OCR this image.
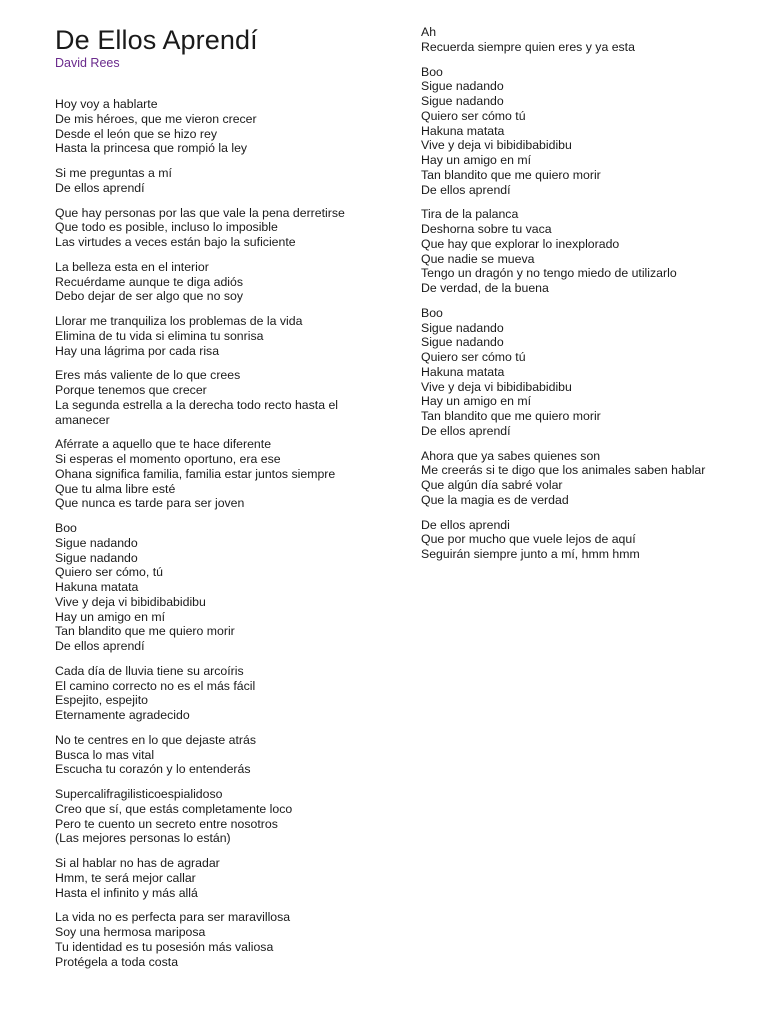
De Ellos Aprendí
David Rees
Hoy voy a hablarte
De mis héroes, que me vieron crecer
Desde el león que se hizo rey
Hasta la princesa que rompió la ley
Si me preguntas a mí
De ellos aprendí
Que hay personas por las que vale la pena derretirse
Que todo es posible, incluso lo imposible
Las virtudes a veces están bajo la suficiente
La belleza esta en el interior
Recuérdame aunque te diga adiós
Debo dejar de ser algo que no soy
Llorar me tranquiliza los problemas de la vida
Elimina de tu vida si elimina tu sonrisa
Hay una lágrima por cada risa
Eres más valiente de lo que crees
Porque tenemos que crecer
La segunda estrella a la derecha todo recto hasta el amanecer
Aférrate a aquello que te hace diferente
Si esperas el momento oportuno, era ese
Ohana significa familia, familia estar juntos siempre
Que tu alma libre esté
Que nunca es tarde para ser joven
Boo
Sigue nadando
Sigue nadando
Quiero ser cómo, tú
Hakuna matata
Vive y deja vi bibidibabidibu
Hay un amigo en mí
Tan blandito que me quiero morir
De ellos aprendí
Cada día de lluvia tiene su arcoíris
El camino correcto no es el más fácil
Espejito, espejito
Eternamente agradecido
No te centres en lo que dejaste atrás
Busca lo mas vital
Escucha tu corazón y lo entenderás
Supercalifragilisticoespialidoso
Creo que sí, que estás completamente loco
Pero te cuento un secreto entre nosotros
(Las mejores personas lo están)
Si al hablar no has de agradar
Hmm, te será mejor callar
Hasta el infinito y más allá
La vida no es perfecta para ser maravillosa
Soy una hermosa mariposa
Tu identidad es tu posesión más valiosa
Protégela a toda costa
Ah
Recuerda siempre quien eres y ya esta
Boo
Sigue nadando
Sigue nadando
Quiero ser cómo tú
Hakuna matata
Vive y deja vi bibidibabidibu
Hay un amigo en mí
Tan blandito que me quiero morir
De ellos aprendí
Tira de la palanca
Deshorna sobre tu vaca
Que hay que explorar lo inexplorado
Que nadie se mueva
Tengo un dragón y no tengo miedo de utilizarlo
De verdad, de la buena
Boo
Sigue nadando
Sigue nadando
Quiero ser cómo tú
Hakuna matata
Vive y deja vi bibidibabidibu
Hay un amigo en mí
Tan blandito que me quiero morir
De ellos aprendí
Ahora que ya sabes quienes son
Me creerás si te digo que los animales saben hablar
Que algún día sabré volar
Que la magia es de verdad
De ellos aprendi
Que por mucho que vuele lejos de aquí
Seguirán siempre junto a mí, hmm hmm
